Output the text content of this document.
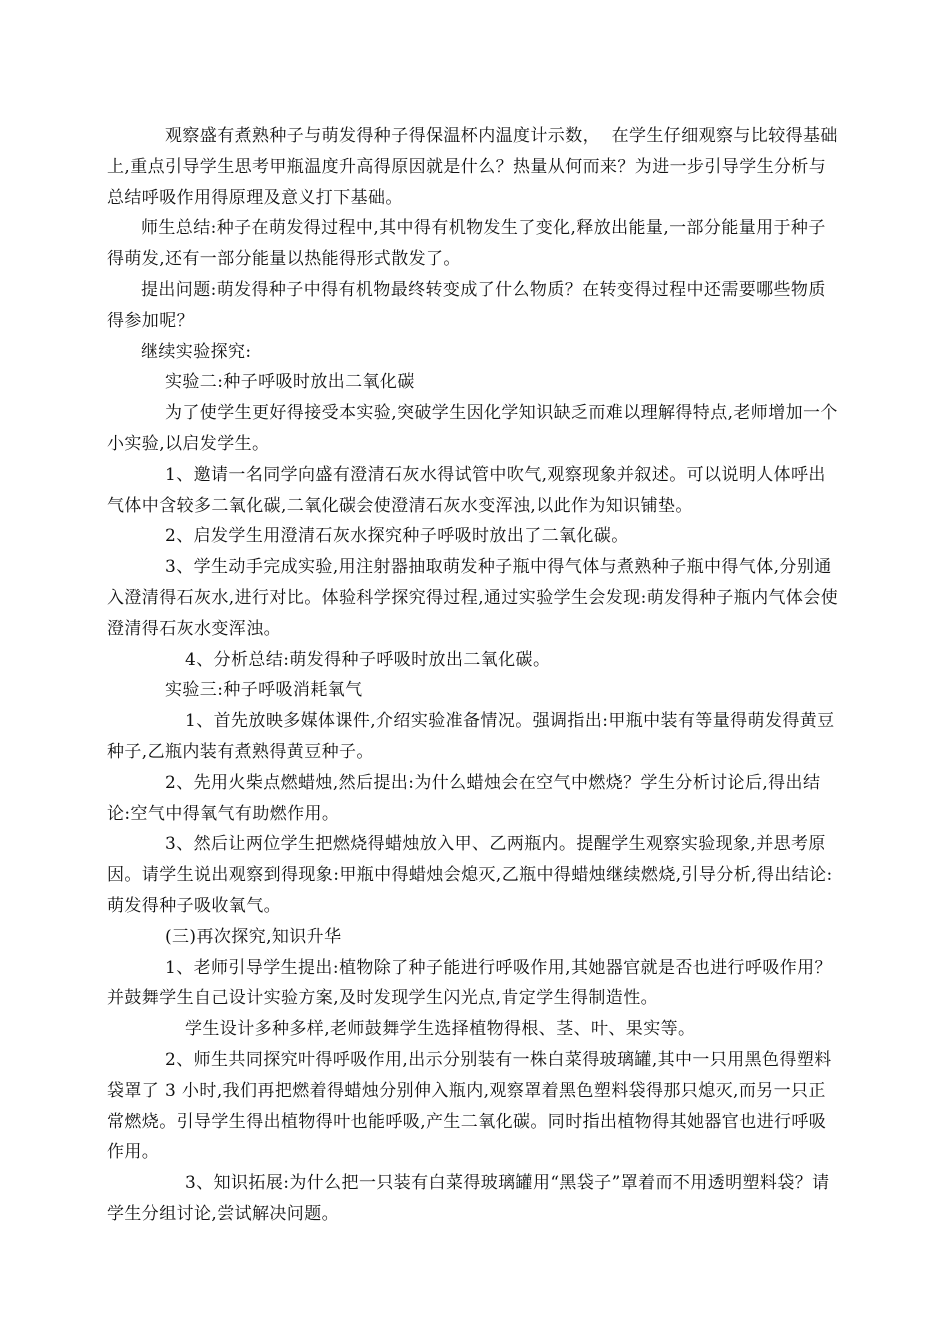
观察盛有煮熟种子与萌发得种子得保温杯内温度计示数，  在学生仔细观察与比较得基础上,重点引导学生思考甲瓶温度升高得原因就是什么？热量从何而来？为进一步引导学生分析与总结呼吸作用得原理及意义打下基础。

师生总结:种子在萌发得过程中,其中得有机物发生了变化,释放出能量,一部分能量用于种子得萌发,还有一部分能量以热能得形式散发了。

提出问题:萌发得种子中得有机物最终转变成了什么物质？在转变得过程中还需要哪些物质得参加呢？

继续实验探究:

实验二:种子呼吸时放出二氧化碳

为了使学生更好得接受本实验,突破学生因化学知识缺乏而难以理解得特点,老师增加一个小实验,以启发学生。

1、邀请一名同学向盛有澄清石灰水得试管中吹气,观察现象并叙述。可以说明人体呼出气体中含较多二氧化碳,二氧化碳会使澄清石灰水变浑浊,以此作为知识铺垫。

2、启发学生用澄清石灰水探究种子呼吸时放出了二氧化碳。

3、学生动手完成实验,用注射器抽取萌发种子瓶中得气体与煮熟种子瓶中得气体,分别通入澄清得石灰水,进行对比。体验科学探究得过程,通过实验学生会发现:萌发得种子瓶内气体会使澄清得石灰水变浑浊。

4、分析总结:萌发得种子呼吸时放出二氧化碳。

实验三:种子呼吸消耗氧气

1、首先放映多媒体课件,介绍实验准备情况。强调指出:甲瓶中装有等量得萌发得黄豆种子,乙瓶内装有煮熟得黄豆种子。

2、先用火柴点燃蜡烛,然后提出:为什么蜡烛会在空气中燃烧？学生分析讨论后,得出结论:空气中得氧气有助燃作用。

3、然后让两位学生把燃烧得蜡烛放入甲、乙两瓶内。提醒学生观察实验现象,并思考原因。请学生说出观察到得现象:甲瓶中得蜡烛会熄灭,乙瓶中得蜡烛继续燃烧,引导分析,得出结论:萌发得种子吸收氧气。

(三)再次探究,知识升华

1、老师引导学生提出:植物除了种子能进行呼吸作用,其她器官就是否也进行呼吸作用？并鼓舞学生自己设计实验方案,及时发现学生闪光点,肯定学生得制造性。

学生设计多种多样,老师鼓舞学生选择植物得根、茎、叶、果实等。

2、师生共同探究叶得呼吸作用,出示分别装有一株白菜得玻璃罐,其中一只用黑色得塑料袋罩了 3 小时,我们再把燃着得蜡烛分别伸入瓶内,观察罩着黑色塑料袋得那只熄灭,而另一只正常燃烧。引导学生得出植物得叶也能呼吸,产生二氧化碳。同时指出植物得其她器官也进行呼吸作用。

3、知识拓展:为什么把一只装有白菜得玻璃罐用“黑袋子”罩着而不用透明塑料袋？请学生分组讨论,尝试解决问题。
